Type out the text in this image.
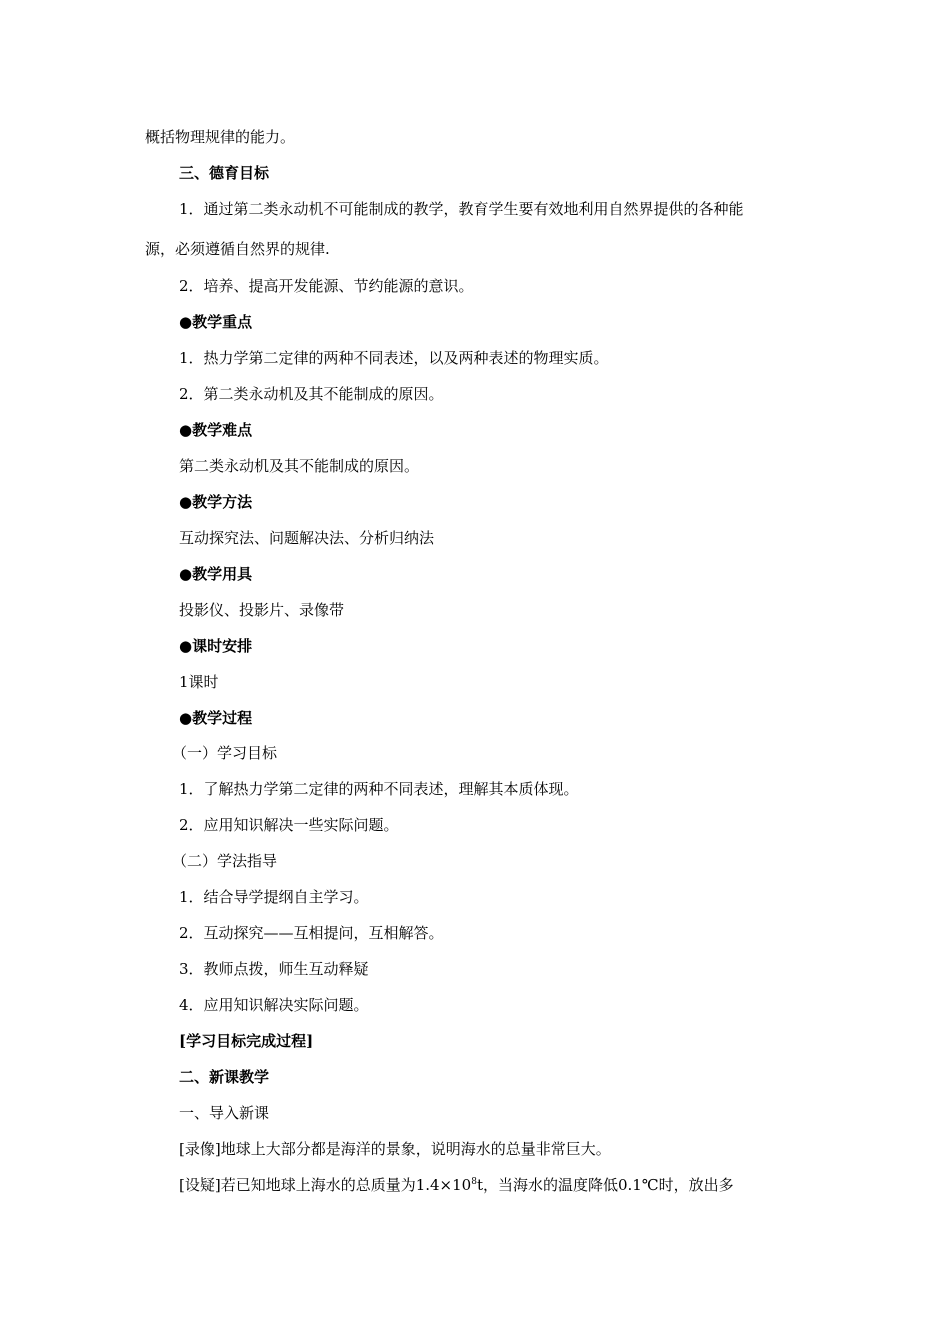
概括物理规律的能力。
三、德育目标
1．通过第二类永动机不可能制成的教学，教育学生要有效地利用自然界提供的各种能
源，必须遵循自然界的规律.
2．培养、提高开发能源、节约能源的意识。
●教学重点
1．热力学第二定律的两种不同表述，以及两种表述的物理实质。
2．第二类永动机及其不能制成的原因。
●教学难点
第二类永动机及其不能制成的原因。
●教学方法
互动探究法、问题解决法、分析归纳法
●教学用具
投影仪、投影片、录像带
●课时安排
1课时
●教学过程
（一）学习目标
1．了解热力学第二定律的两种不同表述，理解其本质体现。
2．应用知识解决一些实际问题。
（二）学法指导
1．结合导学提纲自主学习。
2．互动探究——互相提问，互相解答。
3．教师点拨，师生互动释疑
4．应用知识解决实际问题。
[学习目标完成过程]
二、新课教学
一、导入新课
[录像]地球上大部分都是海洋的景象，说明海水的总量非常巨大。
[设疑]若已知地球上海水的总质量为$1.4\times 10^8t$，当海水的温度降低0.1℃时，放出多
